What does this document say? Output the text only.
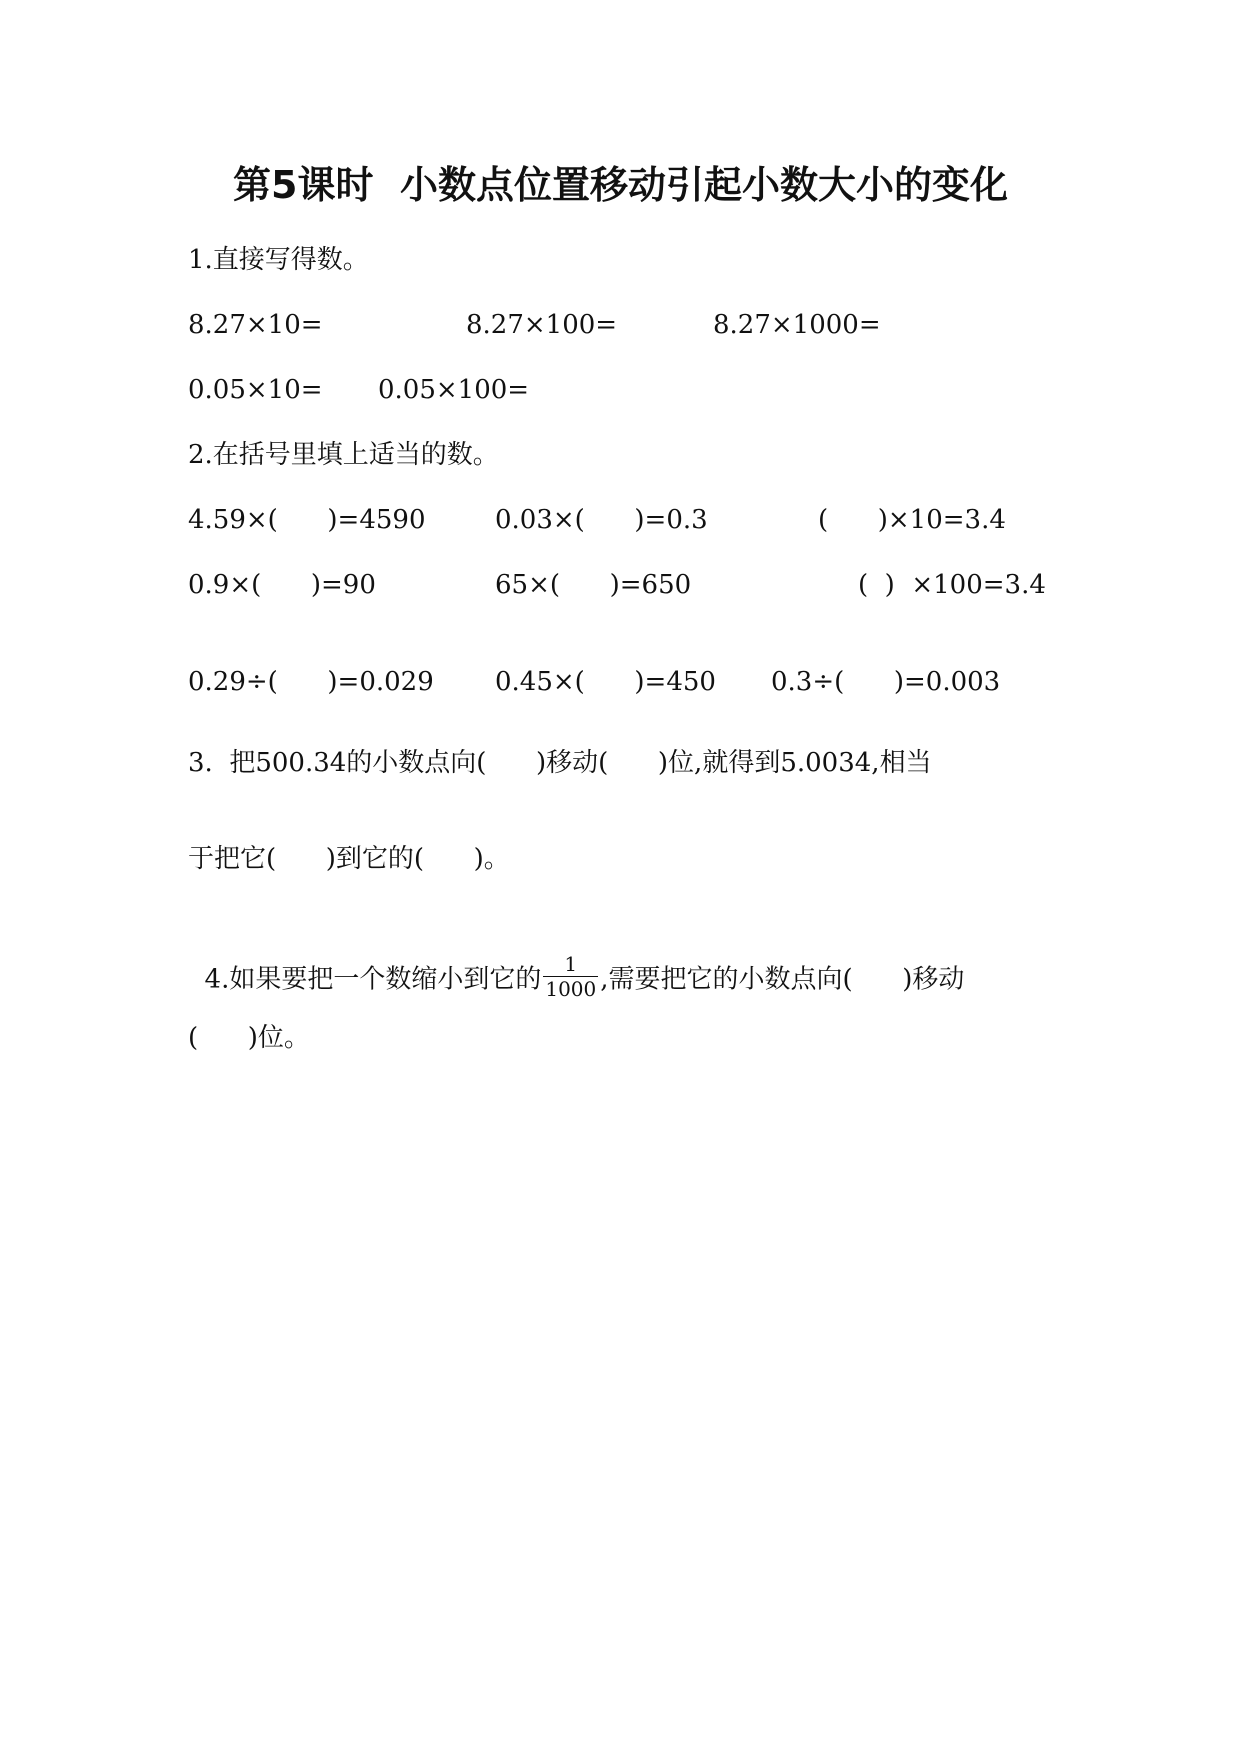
第5课时  小数点位置移动引起小数大小的变化
1.直接写得数。
8.27×10=	8.27×100=	8.27×1000=
0.05×10= 0.05×100=
2.在括号里填上适当的数。
4.59×(      )=4590	0.03×(      )=0.3	(      )×10=3.4
0.9×(      )=90	65×(      )=650	(  )  ×100=3.4
0.29÷(      )=0.029 0.45×(      )=450 0.3÷(      )=0.003
3.  把500.34的小数点向(      )移动(      )位,就得到5.0034,相当
于把它(      )到它的(      )。

4.如果要把一个数缩小到它的 $\frac{1}{1000}$ ,需要把它的小数点向(      )移动

(      )位。
